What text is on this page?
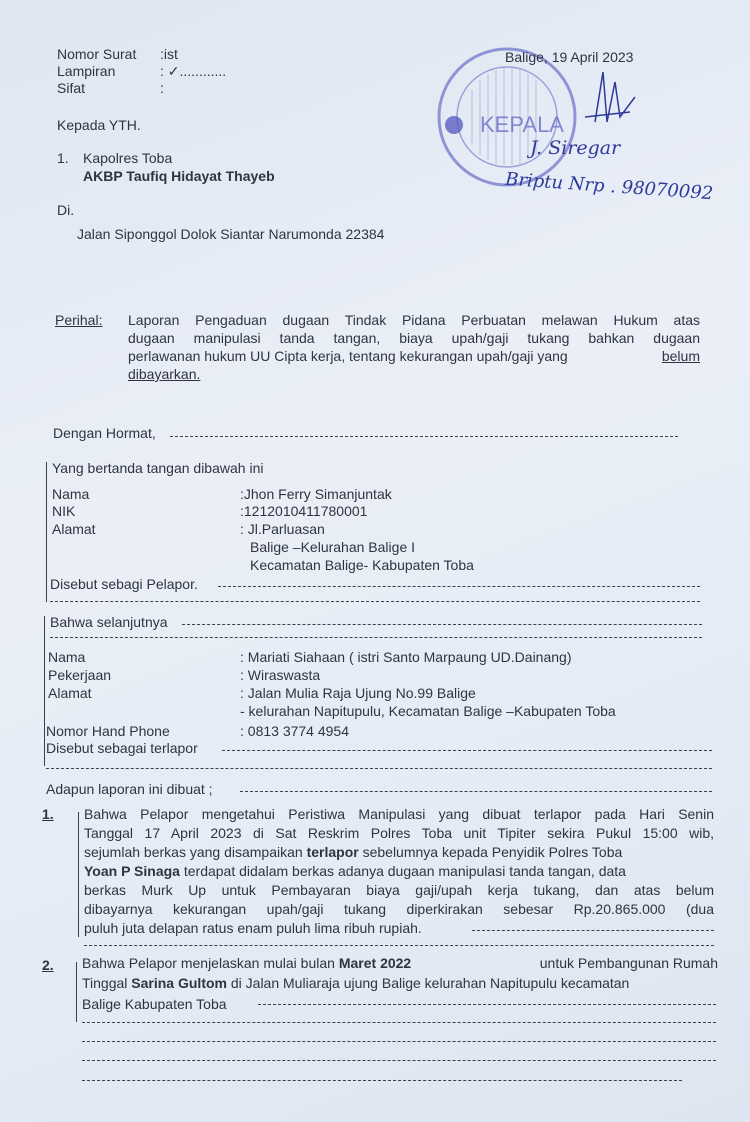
Nomor Surat :ist
Lampiran	: ✓............
Sifat	:
KEPALA
Balige, 19 April 2023
J. Siregar
Briptu Nrp . 98070092
Kepada YTH.
1. Kapolres Toba
AKBP Taufiq Hidayat Thayeb
Di.
Jalan Siponggol Dolok Siantar Narumonda 22384
Perihal: Laporan Pengaduan dugaan Tindak Pidana Perbuatan melawan Hukum atas
dugaan manipulasi tanda tangan, biaya upah/gaji tukang bahkan dugaan
perlawanan hukum UU Cipta kerja, tentang kekurangan upah/gaji yang	belum
dibayarkan.
Dengan Hormat,
Yang bertanda tangan dibawah ini
Nama	:Jhon Ferry Simanjuntak
NIK	:1212010411780001
Alamat	: Jl.Parluasan
Balige –Kelurahan Balige I
Kecamatan Balige- Kabupaten Toba
Disebut sebagi Pelapor.
Bahwa selanjutnya
Nama	: Mariati Siahaan ( istri Santo Marpaung UD.Dainang)
Pekerjaan	: Wiraswasta
Alamat	: Jalan Mulia Raja Ujung No.99 Balige
- kelurahan Napitupulu, Kecamatan Balige –Kabupaten Toba
Nomor Hand Phone	: 0813 3774 4954
Disebut sebagai terlapor
Adapun laporan ini dibuat ;
1. Bahwa Pelapor mengetahui Peristiwa Manipulasi yang dibuat terlapor pada Hari Senin
Tanggal 17 April 2023 di Sat Reskrim Polres Toba unit Tipiter sekira Pukul 15:00 wib,
sejumlah berkas yang disampaikan terlapor sebelumnya kepada Penyidik Polres Toba
Yoan P Sinaga terdapat didalam berkas adanya dugaan manipulasi tanda tangan, data
berkas Murk Up untuk Pembayaran biaya gaji/upah kerja tukang, dan atas belum
dibayarnya kekurangan upah/gaji tukang diperkirakan sebesar Rp.20.865.000 (dua
puluh juta delapan ratus enam puluh lima ribuh rupiah.
2. Bahwa Pelapor menjelaskan mulai bulan Maret 2022	untuk Pembangunan Rumah
Tinggal Sarina Gultom di Jalan Muliaraja ujung Balige kelurahan Napitupulu kecamatan
Balige Kabupaten Toba
